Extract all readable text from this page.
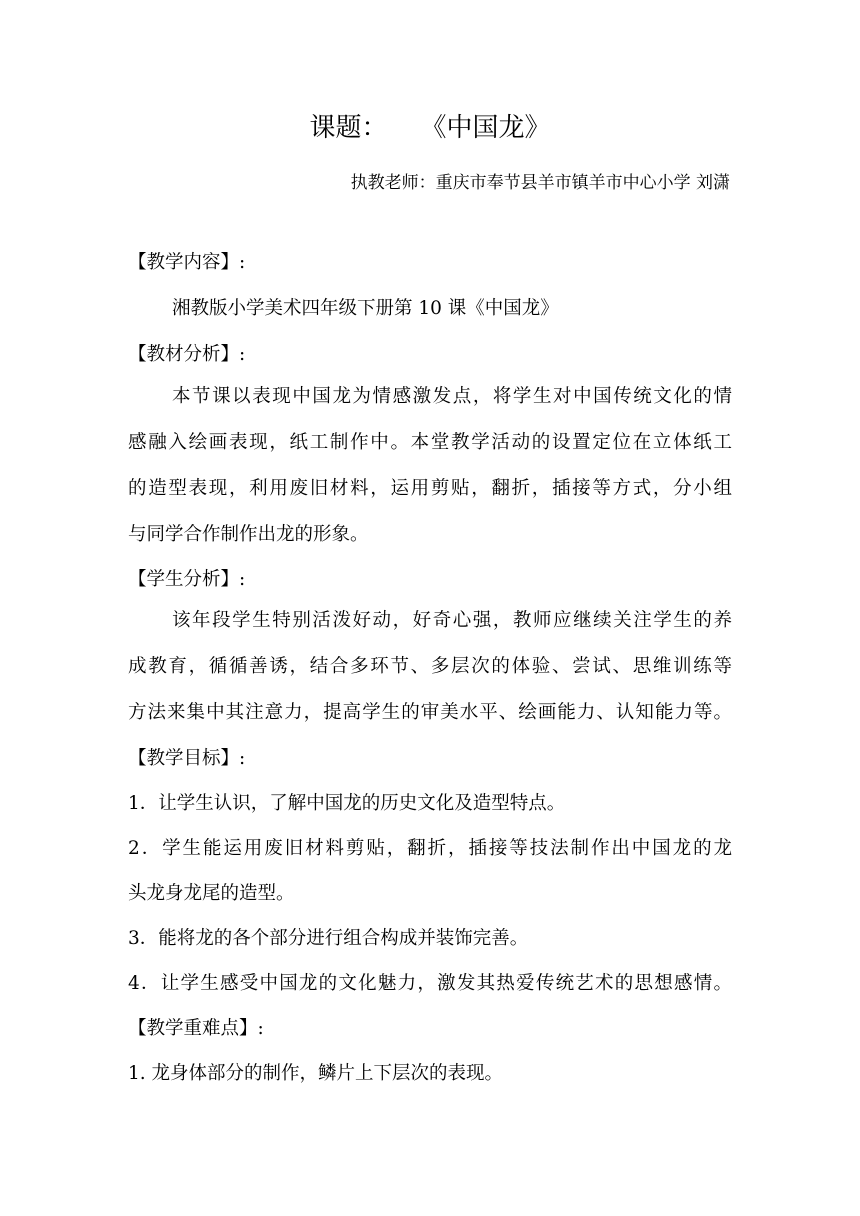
课题：    《中国龙》
执教老师：重庆市奉节县羊市镇羊市中心小学 刘潇
【教学内容】:
湘教版小学美术四年级下册第 10 课《中国龙》
【教材分析】:
本节课以表现中国龙为情感激发点，将学生对中国传统文化的情
感融入绘画表现，纸工制作中。本堂教学活动的设置定位在立体纸工
的造型表现，利用废旧材料，运用剪贴，翻折，插接等方式，分小组
与同学合作制作出龙的形象。
【学生分析】:
该年段学生特别活泼好动，好奇心强，教师应继续关注学生的养
成教育，循循善诱，结合多环节、多层次的体验、尝试、思维训练等
方法来集中其注意力，提高学生的审美水平、绘画能力、认知能力等。
【教学目标】:
1．让学生认识，了解中国龙的历史文化及造型特点。
2．学生能运用废旧材料剪贴，翻折，插接等技法制作出中国龙的龙
头龙身龙尾的造型。
3．能将龙的各个部分进行组合构成并装饰完善。
4．让学生感受中国龙的文化魅力，激发其热爱传统艺术的思想感情。
【教学重难点】:
1. 龙身体部分的制作，鳞片上下层次的表现。
